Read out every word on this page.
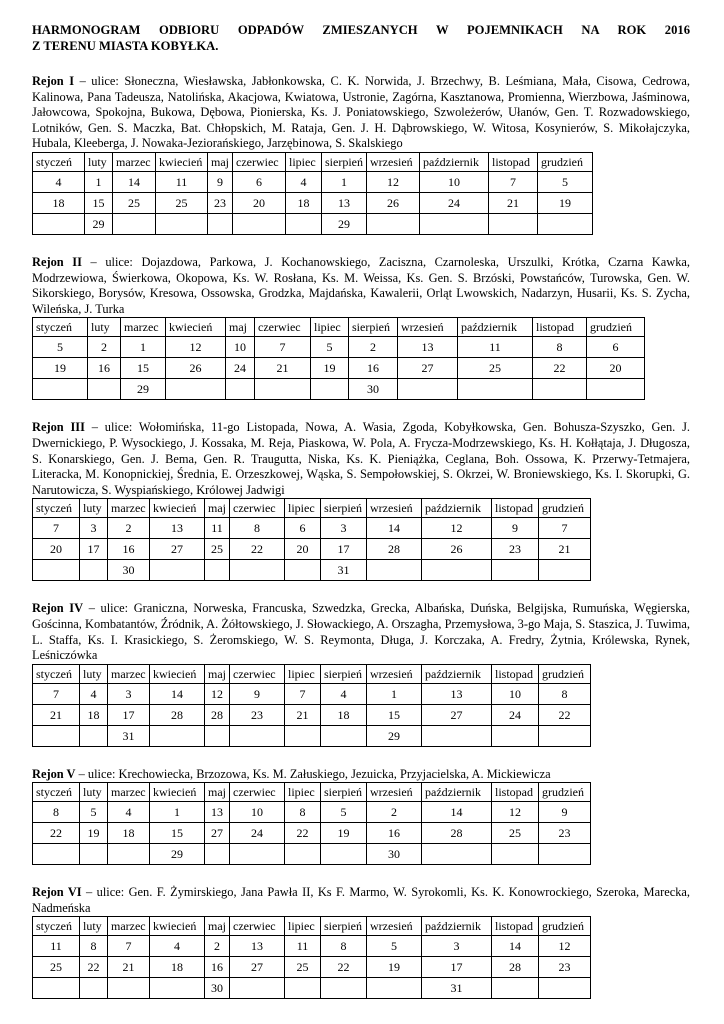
HARMONOGRAM ODBIORU ODPADÓW ZMIESZANYCH W POJEMNIKACH NA ROK 2016
Z TERENU MIASTA KOBYŁKA.
Rejon I – ulice: Słoneczna, Wiesławska, Jabłonkowska, C. K. Norwida, J. Brzechwy, B. Leśmiana, Mała, Cisowa, Cedrowa, Kalinowa, Pana Tadeusza, Natolińska, Akacjowa, Kwiatowa, Ustronie, Zagórna, Kasztanowa, Promienna, Wierzbowa, Jaśminowa, Jałowcowa, Spokojna, Bukowa, Dębowa, Pionierska, Ks. J. Poniatowskiego, Szwoleżerów, Ułanów, Gen. T. Rozwadowskiego, Lotników, Gen. S. Maczka, Bat. Chłopskich, M. Rataja, Gen. J. H. Dąbrowskiego, W. Witosa, Kosynierów, S. Mikołajczyka, Hubala, Kleeberga, J. Nowaka-Jeziorańskiego, Jarzębinowa, S. Skalskiego
styczeń	luty	marzec	kwiecień	maj	czerwiec	lipiec	sierpień	wrzesień	październik	listopad	grudzień
4	1	14	11	9	6	4	1	12	10	7	5
18	15	25	25	23	20	18	13	26	24	21	19
	29						29				
Rejon II – ulice: Dojazdowa, Parkowa, J. Kochanowskiego, Zaciszna, Czarnoleska, Urszulki, Krótka, Czarna Kawka, Modrzewiowa, Świerkowa, Okopowa, Ks. W. Rosłana, Ks. M. Weissa, Ks. Gen. S. Brzóski, Powstańców, Turowska, Gen. W. Sikorskiego, Borysów, Kresowa, Ossowska, Grodzka, Majdańska, Kawalerii, Orląt Lwowskich, Nadarzyn, Husarii, Ks. S. Zycha, Wileńska, J. Turka
styczeń	luty	marzec	kwiecień	maj	czerwiec	lipiec	sierpień	wrzesień	październik	listopad	grudzień
5	2	1	12	10	7	5	2	13	11	8	6
19	16	15	26	24	21	19	16	27	25	22	20
		29					30				
Rejon III – ulice: Wołomińska, 11-go Listopada, Nowa, A. Wasia, Zgoda, Kobyłkowska, Gen. Bohusza-Szyszko, Gen. J. Dwernickiego, P. Wysockiego, J. Kossaka, M. Reja, Piaskowa, W. Pola, A. Frycza-Modrzewskiego, Ks. H. Kołłątaja, J. Długosza, S. Konarskiego, Gen. J. Bema, Gen. R. Traugutta, Niska, Ks. K. Pieniążka, Ceglana, Boh. Ossowa, K. Przerwy-Tetmajera, Literacka, M. Konopnickiej, Średnia, E. Orzeszkowej, Wąska, S. Sempołowskiej, S. Okrzei, W. Broniewskiego, Ks. I. Skorupki, G. Narutowicza, S. Wyspiańskiego, Królowej Jadwigi
styczeń	luty	marzec	kwiecień	maj	czerwiec	lipiec	sierpień	wrzesień	październik	listopad	grudzień
7	3	2	13	11	8	6	3	14	12	9	7
20	17	16	27	25	22	20	17	28	26	23	21
		30					31				
Rejon IV – ulice: Graniczna, Norweska, Francuska, Szwedzka, Grecka, Albańska, Duńska, Belgijska, Rumuńska, Węgierska, Gościnna, Kombatantów, Źródnik, A. Żółtowskiego, J. Słowackiego, A. Orszagha, Przemysłowa, 3-go Maja, S. Staszica, J. Tuwima, L. Staffa, Ks. I. Krasickiego, S. Żeromskiego, W. S. Reymonta, Długa, J. Korczaka, A. Fredry, Żytnia, Królewska, Rynek, Leśniczówka
styczeń	luty	marzec	kwiecień	maj	czerwiec	lipiec	sierpień	wrzesień	październik	listopad	grudzień
7	4	3	14	12	9	7	4	1	13	10	8
21	18	17	28	28	23	21	18	15	27	24	22
		31						29			
Rejon V – ulice: Krechowiecka, Brzozowa, Ks. M. Załuskiego, Jezuicka, Przyjacielska, A. Mickiewicza
styczeń	luty	marzec	kwiecień	maj	czerwiec	lipiec	sierpień	wrzesień	październik	listopad	grudzień
8	5	4	1	13	10	8	5	2	14	12	9
22	19	18	15	27	24	22	19	16	28	25	23
			29					30			
Rejon VI – ulice: Gen. F. Żymirskiego, Jana Pawła II, Ks F. Marmo, W. Syrokomli, Ks. K. Konowrockiego, Szeroka, Marecka, Nadmeńska
styczeń	luty	marzec	kwiecień	maj	czerwiec	lipiec	sierpień	wrzesień	październik	listopad	grudzień
11	8	7	4	2	13	11	8	5	3	14	12
25	22	21	18	16	27	25	22	19	17	28	23
				30					31		
